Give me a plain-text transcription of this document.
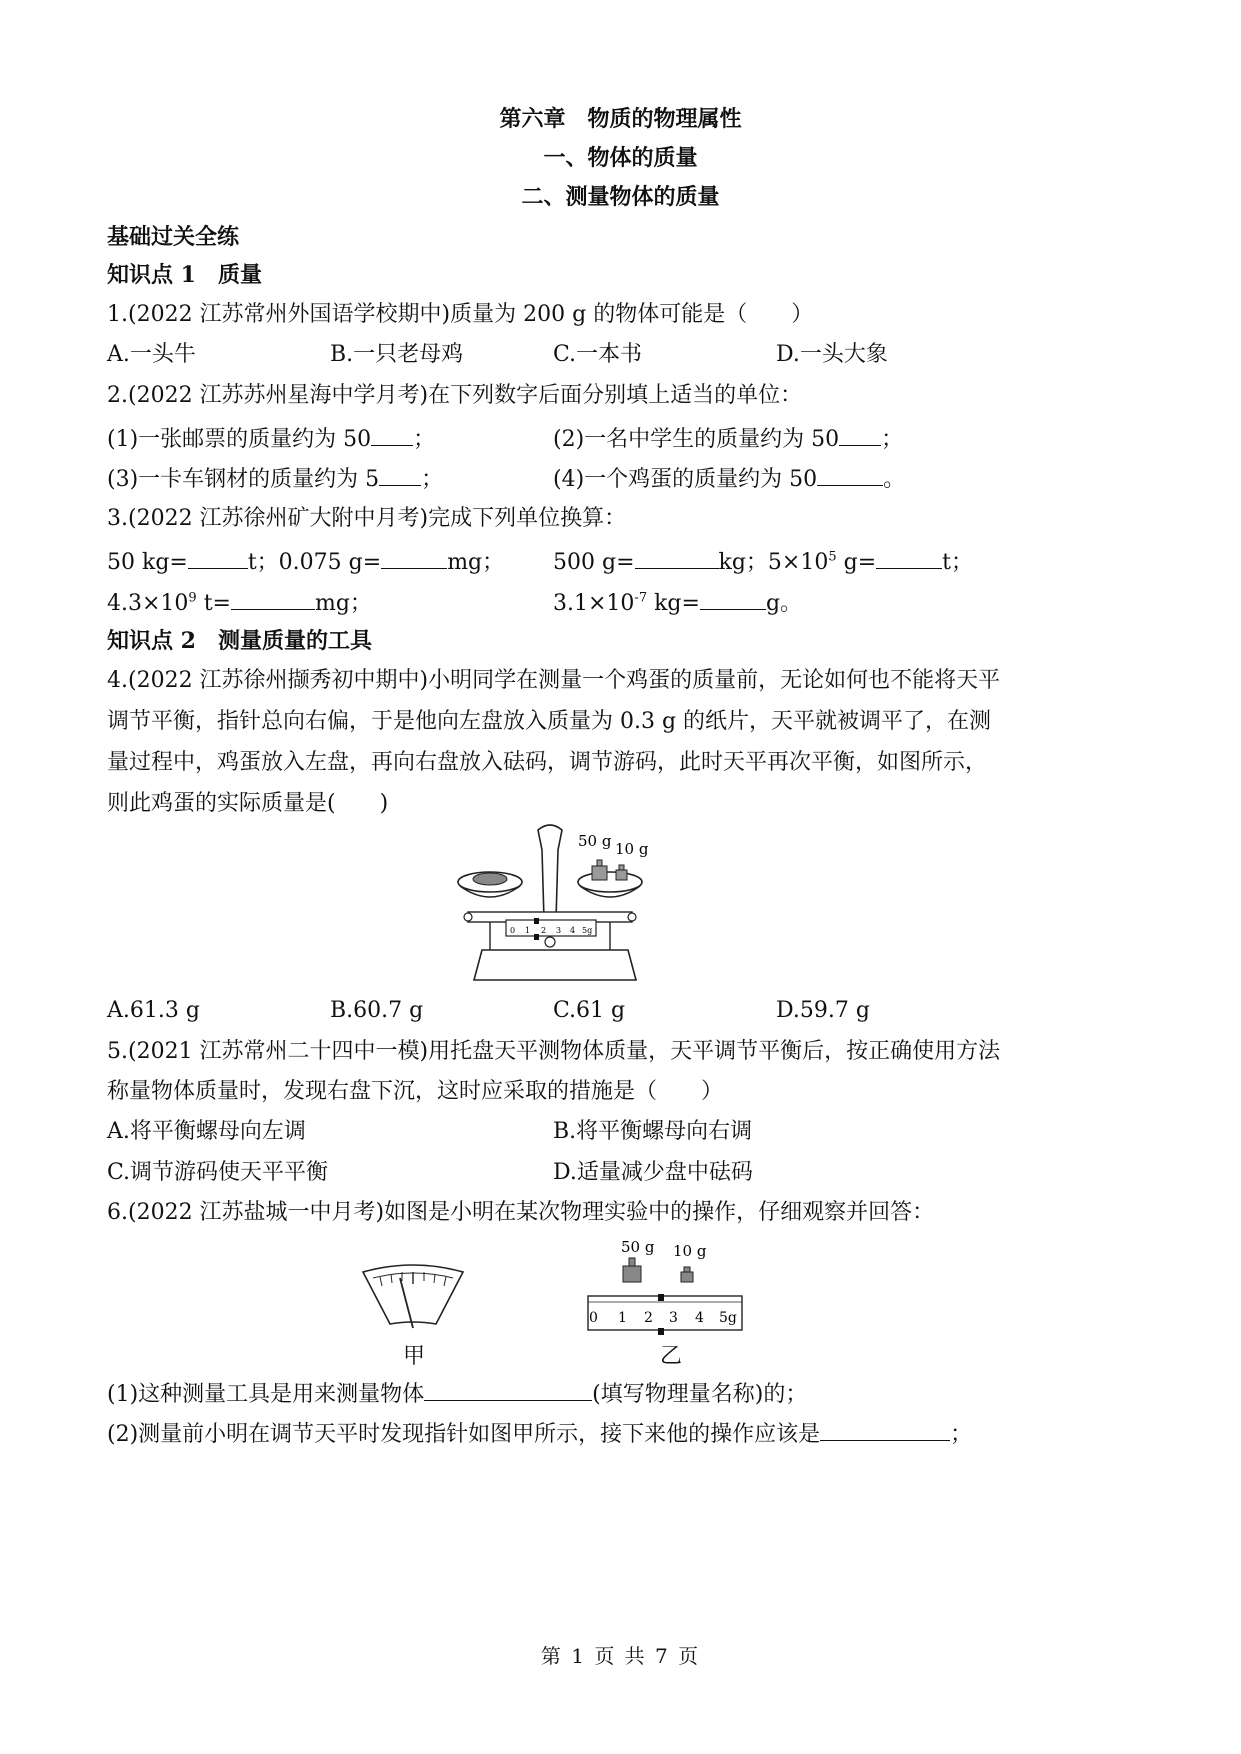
第六章　物质的物理属性
一、物体的质量
二、测量物体的质量
基础过关全练
知识点 1　质量
1.(2022 江苏常州外国语学校期中)质量为 200 g 的物体可能是（　　）
A.一头牛	B.一只老母鸡	C.一本书	D.一头大象
2.(2022 江苏苏州星海中学月考)在下列数字后面分别填上适当的单位：
(1)一张邮票的质量约为 50 ；	(2)一名中学生的质量约为 50 ；
(3)一卡车钢材的质量约为 5 ；	(4)一个鸡蛋的质量约为 50	。
3.(2022 江苏徐州矿大附中月考)完成下列单位换算：
50 kg=	t；0.075 g=	mg； 500 g=	kg；$5\times 10^5$ g=	t；
$4.3\times 10^9$ t=	mg；	$3.1\times 10^{-7}$ kg=	g。
知识点 2　测量质量的工具
4.(2022 江苏徐州撷秀初中期中)小明同学在测量一个鸡蛋的质量前，无论如何也不能将天平
调节平衡，指针总向右偏，于是他向左盘放入质量为 0.3 g 的纸片，天平就被调平了，在测
量过程中，鸡蛋放入左盘，再向右盘放入砝码，调节游码，此时天平再次平衡，如图所示，
则此鸡蛋的实际质量是(　　)
50 g 10 g
0 1 2 3 4 5g
A.61.3 g	B.60.7 g	C.61 g	D.59.7 g
5.(2021 江苏常州二十四中一模)用托盘天平测物体质量，天平调节平衡后，按正确使用方法
称量物体质量时，发现右盘下沉，这时应采取的措施是（　　）
A.将平衡螺母向左调	B.将平衡螺母向右调
C.调节游码使天平平衡	D.适量减少盘中砝码
6.(2022 江苏盐城一中月考)如图是小明在某次物理实验中的操作，仔细观察并回答：
甲
50 g 10 g
0 1 2 3 4 5g
乙
(1)这种测量工具是用来测量物体	(填写物理量名称)的；
(2)测量前小明在调节天平时发现指针如图甲所示，接下来他的操作应该是	；
第 1 页 共 7 页
